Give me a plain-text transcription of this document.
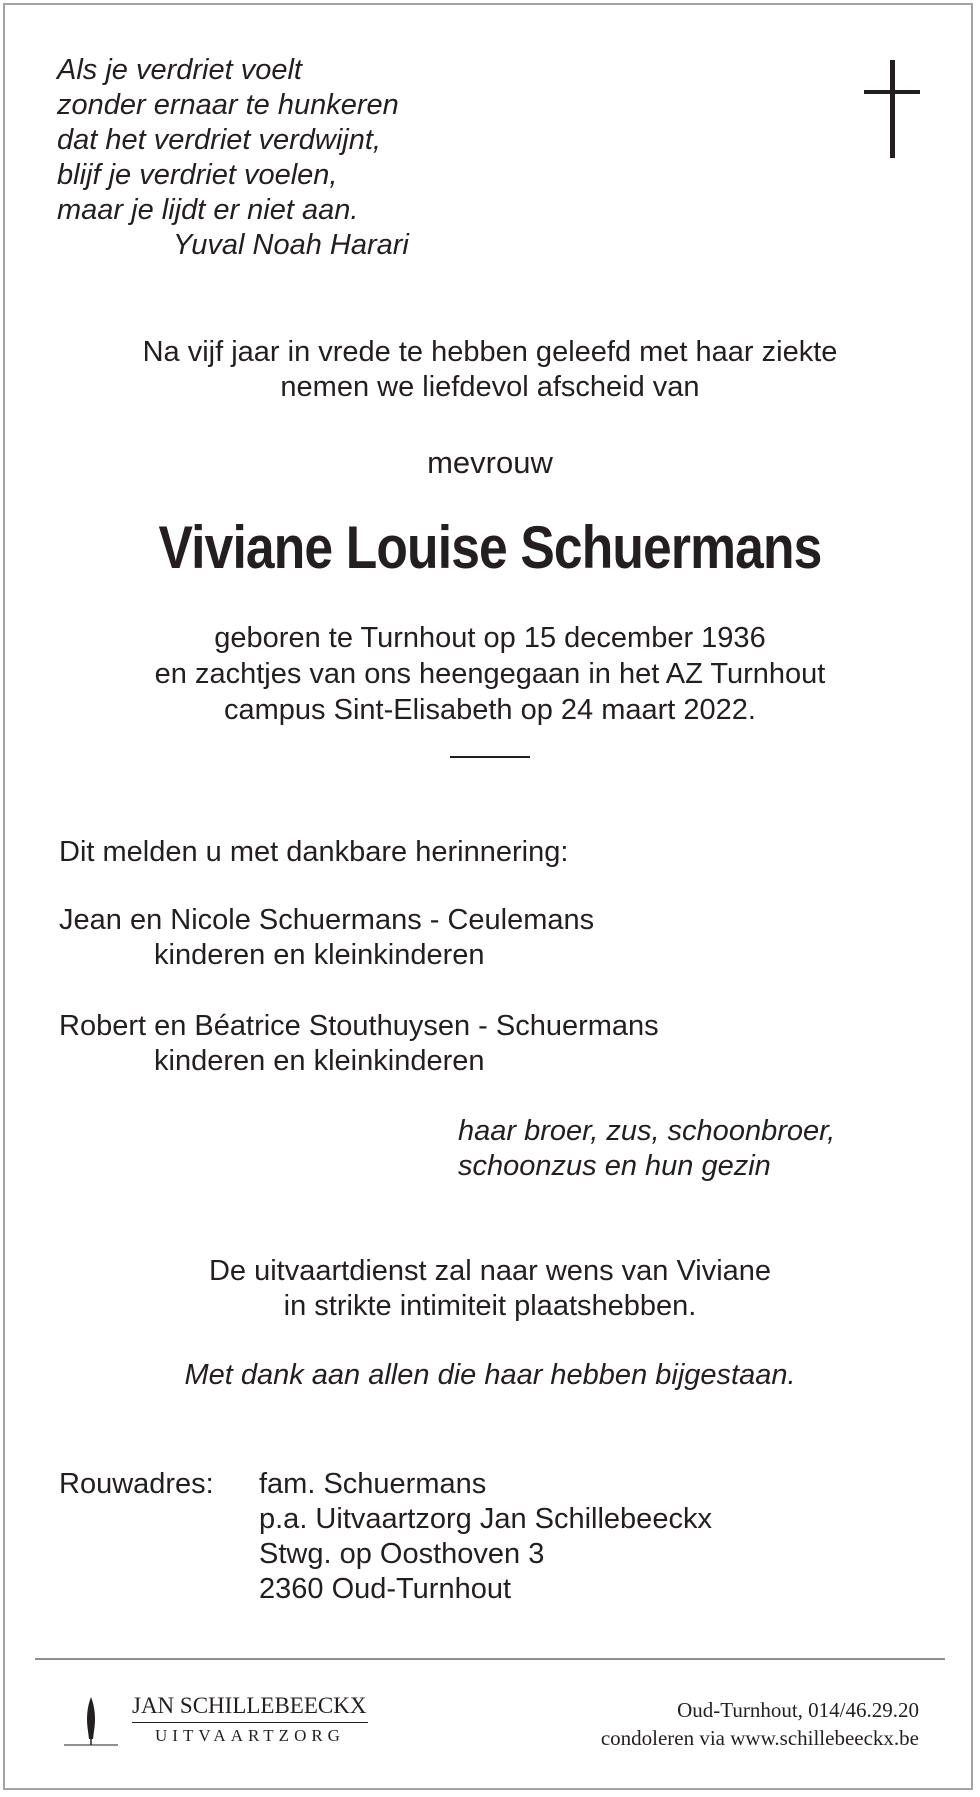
Als je verdriet voelt
zonder ernaar te hunkeren
dat het verdriet verdwijnt,
blijf je verdriet voelen,
maar je lijdt er niet aan.
Yuval Noah Harari
Na vijf jaar in vrede te hebben geleefd met haar ziekte
nemen we liefdevol afscheid van
mevrouw
Viviane Louise Schuermans
geboren te Turnhout op 15 december 1936
en zachtjes van ons heengegaan in het AZ Turnhout
campus Sint-Elisabeth op 24 maart 2022.
Dit melden u met dankbare herinnering:
Jean en Nicole Schuermans - Ceulemans
kinderen en kleinkinderen
Robert en Béatrice Stouthuysen - Schuermans
kinderen en kleinkinderen
haar broer, zus, schoonbroer,
schoonzus en hun gezin
De uitvaartdienst zal naar wens van Viviane
in strikte intimiteit plaatshebben.
Met dank aan allen die haar hebben bijgestaan.
Rouwadres: fam. Schuermans
p.a. Uitvaartzorg Jan Schillebeeckx
Stwg. op Oosthoven 3
2360 Oud-Turnhout
JAN SCHILLEBEECKX
UITVAARTZORG
Oud-Turnhout, 014/46.29.20
condoleren via www.schillebeeckx.be
